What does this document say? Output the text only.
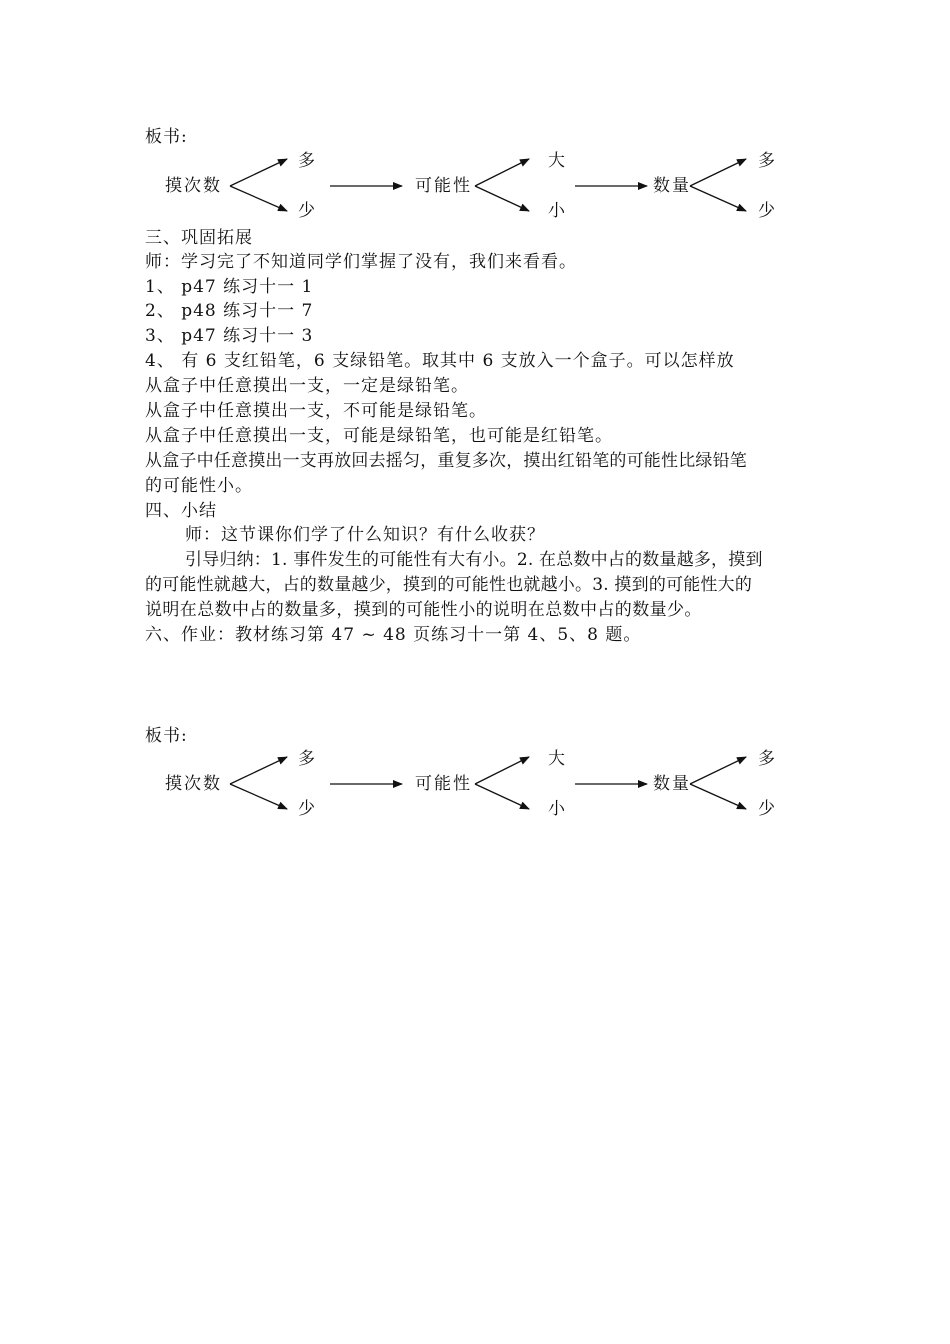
板书:
摸次数
多
少
可能性
大
小
数量
多
少
三、巩固拓展
师：学习完了不知道同学们掌握了没有，我们来看看。
1、 p47 练习十一 1
2、 p48 练习十一 7
3、 p47 练习十一 3
4、 有 6 支红铅笔，6 支绿铅笔。取其中 6 支放入一个盒子。可以怎样放
从盒子中任意摸出一支，一定是绿铅笔。
从盒子中任意摸出一支，不可能是绿铅笔。
从盒子中任意摸出一支，可能是绿铅笔，也可能是红铅笔。
从盒子中任意摸出一支再放回去摇匀，重复多次，摸出红铅笔的可能性比绿铅笔
的可能性小。
四、小结
师：这节课你们学了什么知识？有什么收获？
引导归纳：1. 事件发生的可能性有大有小。2. 在总数中占的数量越多，摸到
的可能性就越大，占的数量越少，摸到的可能性也就越小。3. 摸到的可能性大的
说明在总数中占的数量多，摸到的可能性小的说明在总数中占的数量少。
六、作业：教材练习第 47 ~ 48 页练习十一第 4、5、8 题。
板书:
摸次数
多
少
可能性
大
小
数量
多
少
